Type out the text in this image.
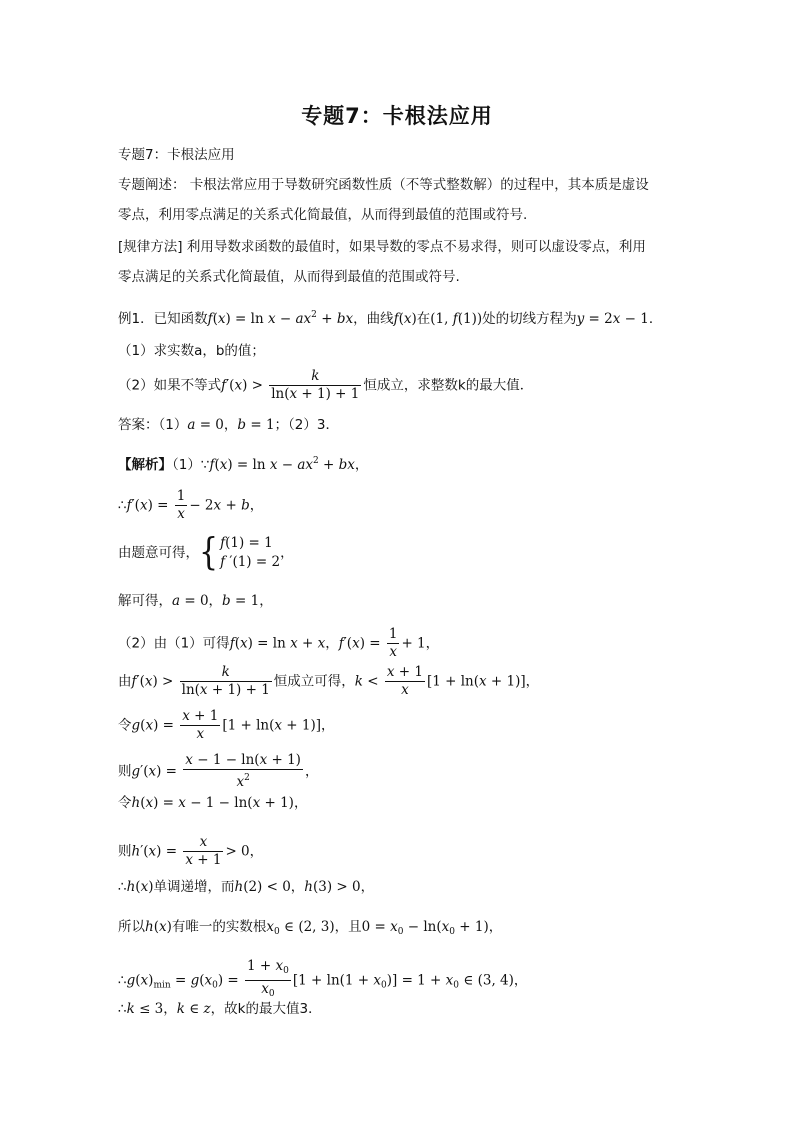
专题7：卡根法应用
专题7：卡根法应用
专题阐述： 卡根法常应用于导数研究函数性质（不等式整数解）的过程中，其本质是虚设
零点，利用零点满足的关系式化简最值，从而得到最值的范围或符号.
[规律方法] 利用导数求函数的最值时，如果导数的零点不易求得，则可以虚设零点，利用
零点满足的关系式化简最值，从而得到最值的范围或符号.
例1．已知函数$f(x) = \ln x - ax^2$ + bx，曲线f(x)在(1, f(1))处的切线方程为y = 2x − 1．
（1）求实数a，b的值；
（2）如果不等式$f'(x) > \frac{k}{\ln(x + 1) + 1}$ 恒成立，求整数k的最大值．
答案：（1）a = 0，b = 1；（2）3．
【解析】（1）∵f(x) = $\ln x - ax^2$ + bx，
∴f′(x) = $\frac{1}{x} - 2x + b$，
由题意可得，{ f(1) = 1
f ′(1) = 2
，
解可得，a = 0，b = 1，
（2）由（1）可得f(x) = ln x + x，$f'(x) = \frac{1}{x} + 1$，
由$f'(x) > \frac{k}{\ln(x + 1) + 1}$ 恒成立可得，$k < \frac{x + 1}{x} [1 + \ln(x + 1)]$，
令$g(x) = \frac{x + 1}{x} [1 + \ln(x + 1)]$，
则$g'(x) = \frac{x - 1 - \ln(x + 1)}{x^2}$ ，
令h(x) = x − 1 − ln(x + 1)，
则$h'(x) = \frac{x}{x + 1} > 0$，
∴h(x)单调递增，而h(2) < 0，h(3) > 0，
所以h(x)有唯一的实数根$x_0$ ∈ (2, 3)，且$0 = x_0 - \ln(x_0 + 1)$，
$\therefore g(x)_{min} = g(x_0) = \frac{1 + x_0}{x_0} [1 + \ln(1 + x_0)] = 1 + x_0$ ∈ (3, 4)，
∴k ≤ 3，k ∈ z，故k的最大值3．
